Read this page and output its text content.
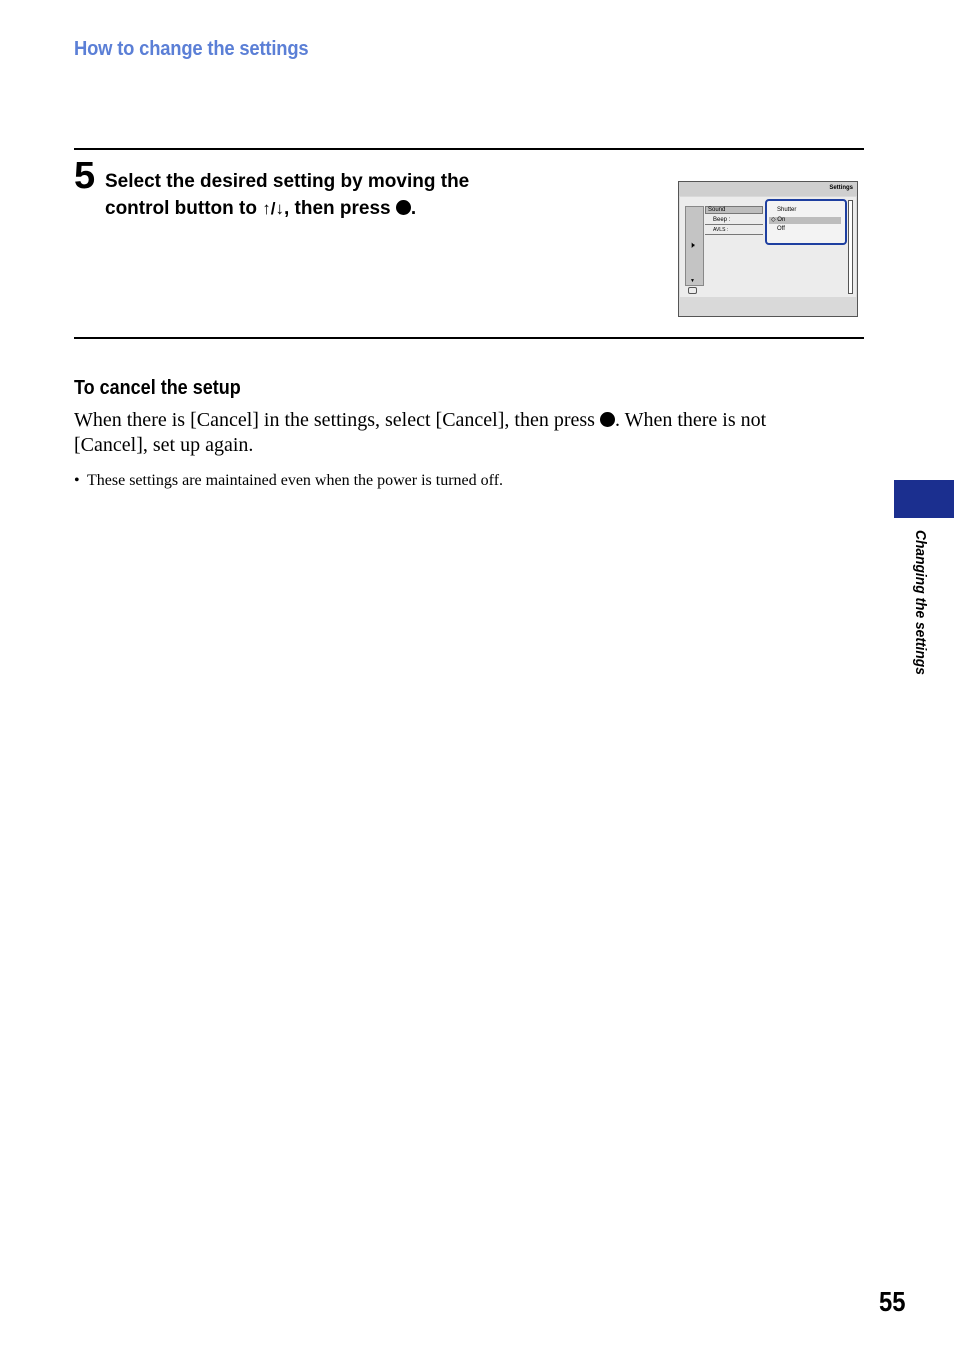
How to change the settings
5 Select the desired setting by moving the
control button to ↑/↓, then press .
Settings
🕨
▼
Sound
Beep :
AVLS :
Shutter
◇ On
Off
To cancel the setup
When there is [Cancel] in the settings, select [Cancel], then press . When there is not [Cancel], set up again.
• These settings are maintained even when the power is turned off.
Changing the settings
55
